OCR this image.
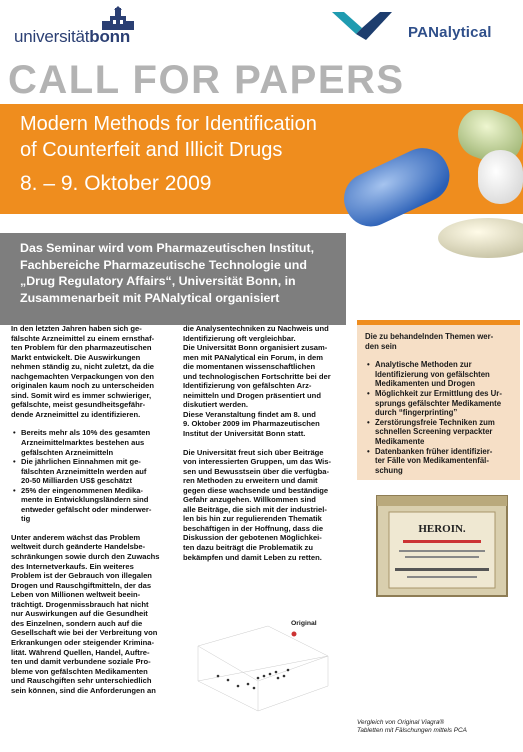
universitätbonn	PANalytical
CALL FOR PAPERS
Modern Methods for Identification
of Counterfeit and Illicit Drugs
8. – 9. Oktober 2009
Das Seminar wird vom Pharmazeutischen Institut,
Fachbereiche Pharmazeutische Technologie und
„Drug Regulatory Affairs“, Universität Bonn, in
Zusammenarbeit mit PANalytical organisiert

In den letzten Jahren haben sich ge-

fälschte Arzneimittel zu einem ernsthaf-

ten Problem für den pharmazeutischen

Markt entwickelt. Die Auswirkungen

nehmen ständig zu, nicht zuletzt, da die

nachgemachten Verpackungen von den

originalen kaum noch zu unterscheiden

sind. Somit wird es immer schwieriger,

gefälschte, meist gesundheitsgefähr-

dende Arzneimittel zu identifizieren.

• Bereits mehr als 10% des gesamten

Arzneimittelmarktes bestehen aus

gefälschten Arzneimitteln

• Die jährlichen Einnahmen mit ge-

fälschten Arzneimitteln werden auf

20-50 Milliarden US$ geschätzt

• 25% der eingenommenen Medika-

mente in Entwicklungsländern sind

entweder gefälscht oder minderwer-

tig

Unter anderem wächst das Problem

weltweit durch geänderte Handelsbe-

schränkungen sowie durch den Zuwachs

des Internetverkaufs. Ein weiteres

Problem ist der Gebrauch von illegalen

Drogen und Rauschgiftmitteln, der das

Leben von Millionen weltweit beein-

trächtigt. Drogenmissbrauch hat nicht

nur Auswirkungen auf die Gesundheit

des Einzelnen, sondern auch auf die

Gesellschaft wie bei der Verbreitung von

Erkrankungen oder steigender Krimina-

lität. Während Quellen, Handel, Auftre-

ten und damit verbundene soziale Pro-

bleme von gefälschten Medikamenten

und Rauschgiften sehr unterschiedlich

sein können, sind die Anforderungen an

die Analysentechniken zu Nachweis und

Identifizierung oft vergleichbar.

Die Universität Bonn organisiert zusam-

men mit PANalytical ein Forum, in dem

die momentanen wissenschaftlichen

und technologischen Fortschritte bei der

Identifizierung von gefälschten Arz-

neimitteln und Drogen präsentiert und

diskutiert werden.

Diese Veranstaltung findet am 8. und

9. Oktober 2009 im Pharmazeutischen

Institut der Universität Bonn statt.

Die Universität freut sich über Beiträge

von interessierten Gruppen, um das Wis-

sen und Bewusstsein über die verfügba-

ren Methoden zu erweitern und damit

gegen diese wachsende und beständige

Gefahr anzugehen. Willkommen sind

alle Beiträge, die sich mit der industriel-

len bis hin zur regulierenden Thematik

beschäftigen in der Hoffnung, dass die

Diskussion der gebotenen Möglichkei-

ten dazu beiträgt die Problematik zu

bekämpfen und damit Leben zu retten.

Die zu behandelnden Themen wer-

den sein

• Analytische Methoden zur

Identifizierung von gefälschten

Medikamenten und Drogen

• Möglichkeit zur Ermittlung des Ur-

sprungs gefälschter Medikamente

durch “fingerprinting”

• Zerstörungsfreie Techniken zum

schnellen Screening verpackter

Medikamente

• Datenbanken früher identifizier-

ter Fälle von Medikamentenfäl-

schung

HEROIN.
Original

Vergleich von Original Viagra®

Tabletten mit Fälschungen mittels PCA
